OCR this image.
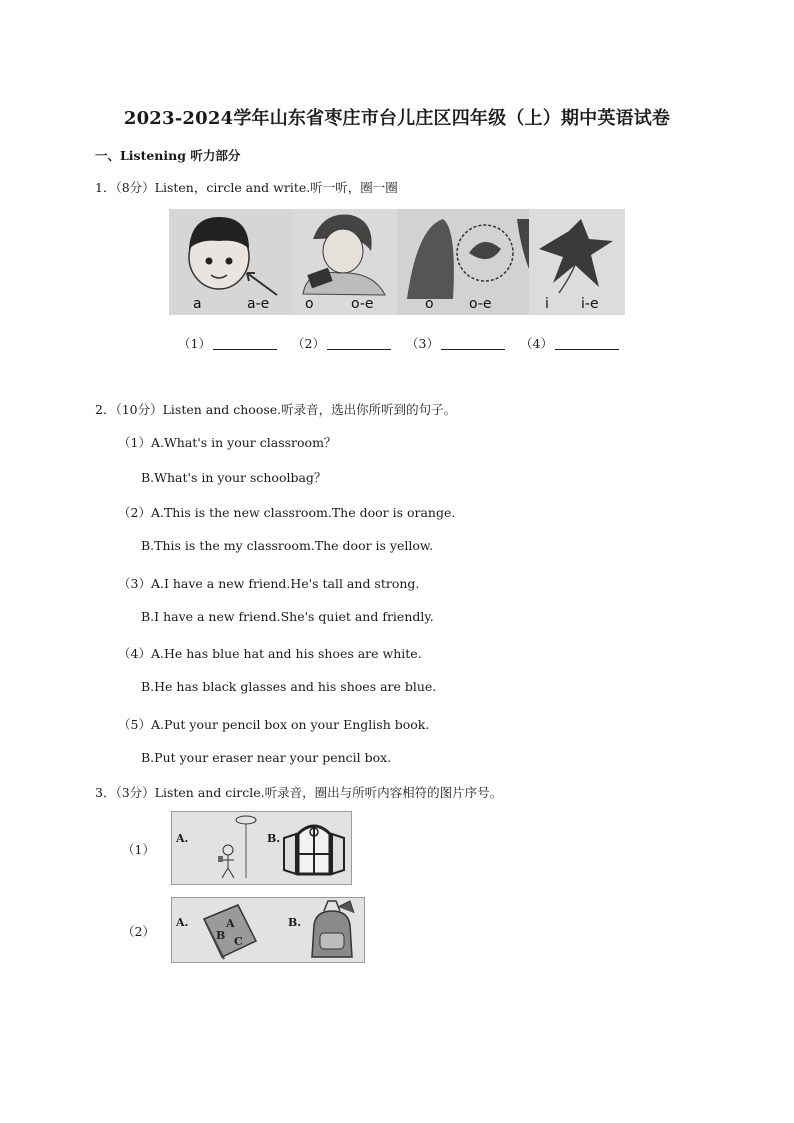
2023-2024学年山东省枣庄市台儿庄区四年级（上）期中英语试卷
一、Listening 听力部分
1．（8分）Listen，circle and write.听一听，圈一圈
a	a-e	o	o-e	o	o-e	i i-e
（1）	（2）	（3）	（4）
2．（10分）Listen and choose.听录音，选出你所听到的句子。
（1）A.What's in your classroom？
B.What's in your schoolbag？
（2）A.This is the new classroom.The door is orange.
B.This is the my classroom.The door is yellow.
（3）A.I have a new friend.He's tall and strong.
B.I have a new friend.She's quiet and friendly.
（4）A.He has blue hat and his shoes are white.
B.He has black glasses and his shoes are blue.
（5）A.Put your pencil box on your English book.
B.Put your eraser near your pencil box.
3．（3分）Listen and circle.听录音，圈出与所听内容相符的图片序号。
（1）
A.	B.
（2）
A.	A
B C
B.
